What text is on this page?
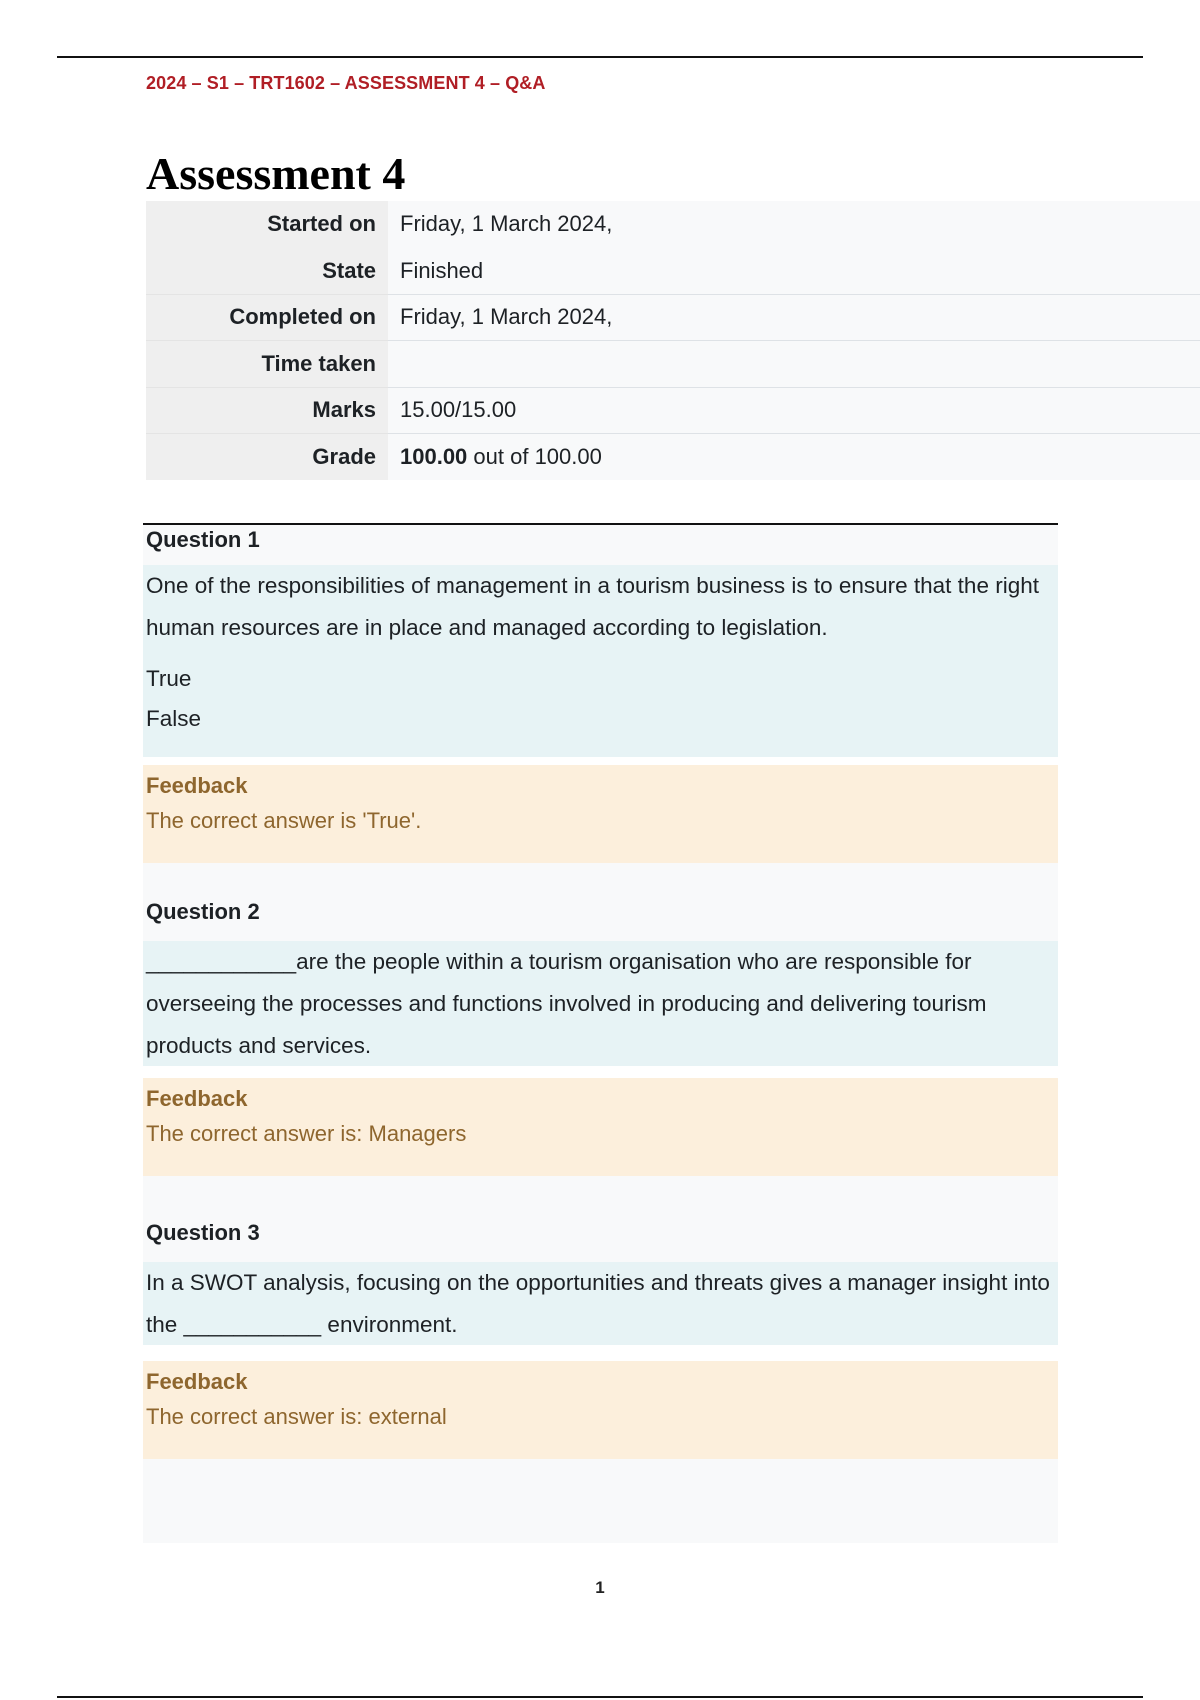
2024 – S1 – TRT1602 – ASSESSMENT 4 – Q&A
Assessment 4
Started on	Friday, 1 March 2024,
State	Finished
Completed on	Friday, 1 March 2024,
Time taken	
Marks	15.00/15.00
Grade	100.00 out of 100.00
Question 1
One of the responsibilities of management in a tourism business is to ensure that the right human resources are in place and managed according to legislation.
True
False
Feedback
The correct answer is 'True'.
Question 2
____________are the people within a tourism organisation who are responsible for overseeing the processes and functions involved in producing and delivering tourism products and services.
Feedback
The correct answer is: Managers
Question 3
In a SWOT analysis, focusing on the opportunities and threats gives a manager insight into the ___________ environment.
Feedback
The correct answer is: external
1
